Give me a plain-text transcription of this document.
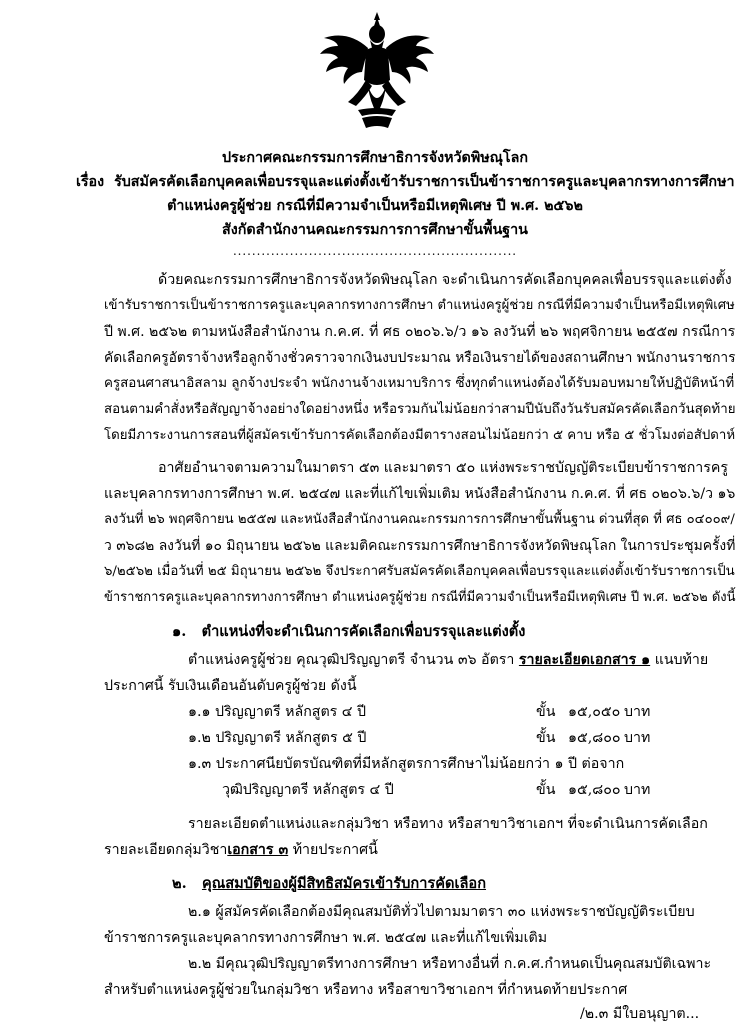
ประกาศคณะกรรมการศึกษาธิการจังหวัดพิษณุโลก
เรื่อง รับสมัครคัดเลือกบุคคลเพื่อบรรจุและแต่งตั้งเข้ารับราชการเป็นข้าราชการครูและบุคลากรทางการศึกษา
ตำแหน่งครูผู้ช่วย กรณีที่มีความจำเป็นหรือมีเหตุพิเศษ ปี พ.ศ. ๒๕๖๒
สังกัดสำนักงานคณะกรรมการการศึกษาขั้นพื้นฐาน
............................................................
ด้วยคณะกรรมการศึกษาธิการจังหวัดพิษณุโลก จะดำเนินการคัดเลือกบุคคลเพื่อบรรจุและแต่งตั้ง
เข้ารับราชการเป็นข้าราชการครูและบุคลากรทางการศึกษา ตำแหน่งครูผู้ช่วย กรณีที่มีความจำเป็นหรือมีเหตุพิเศษ
ปี พ.ศ. ๒๕๖๒ ตามหนังสือสำนักงาน ก.ค.ศ. ที่ ศธ ๐๒๐๖.๖/ว ๑๖ ลงวันที่ ๒๖ พฤศจิกายน ๒๕๕๗ กรณีการ
คัดเลือกครูอัตราจ้างหรือลูกจ้างชั่วคราวจากเงินงบประมาณ หรือเงินรายได้ของสถานศึกษา พนักงานราชการ
ครูสอนศาสนาอิสลาม ลูกจ้างประจำ พนักงานจ้างเหมาบริการ ซึ่งทุกตำแหน่งต้องได้รับมอบหมายให้ปฏิบัติหน้าที่
สอนตามคำสั่งหรือสัญญาจ้างอย่างใดอย่างหนึ่ง หรือรวมกันไม่น้อยกว่าสามปีนับถึงวันรับสมัครคัดเลือกวันสุดท้าย
โดยมีภาระงานการสอนที่ผู้สมัครเข้ารับการคัดเลือกต้องมีตารางสอนไม่น้อยกว่า ๕ คาบ หรือ ๕ ชั่วโมงต่อสัปดาห์
อาศัยอำนาจตามความในมาตรา ๕๓ และมาตรา ๕๐ แห่งพระราชบัญญัติระเบียบข้าราชการครู
และบุคลากรทางการศึกษา พ.ศ. ๒๕๔๗ และที่แก้ไขเพิ่มเติม หนังสือสำนักงาน ก.ค.ศ. ที่ ศธ ๐๒๐๖.๖/ว ๑๖
ลงวันที่ ๒๖ พฤศจิกายน ๒๕๕๗ และหนังสือสำนักงานคณะกรรมการการศึกษาขั้นพื้นฐาน ด่วนที่สุด ที่ ศธ ๐๔๐๐๙/
ว ๓๖๘๒ ลงวันที่ ๑๐ มิถุนายน ๒๕๖๒ และมติคณะกรรมการศึกษาธิการจังหวัดพิษณุโลก ในการประชุมครั้งที่
๖/๒๕๖๒ เมื่อวันที่ ๒๕ มิถุนายน ๒๕๖๒ จึงประกาศรับสมัครคัดเลือกบุคคลเพื่อบรรจุและแต่งตั้งเข้ารับราชการเป็น
ข้าราชการครูและบุคลากรทางการศึกษา ตำแหน่งครูผู้ช่วย กรณีที่มีความจำเป็นหรือมีเหตุพิเศษ ปี พ.ศ. ๒๕๖๒ ดังนี้
๑. ตำแหน่งที่จะดำเนินการคัดเลือกเพื่อบรรจุและแต่งตั้ง
ตำแหน่งครูผู้ช่วย คุณวุฒิปริญญาตรี จำนวน ๓๖ อัตรา รายละเอียดเอกสาร ๑ แนบท้าย
ประกาศนี้ รับเงินเดือนอันดับครูผู้ช่วย ดังนี้
๑.๑ ปริญญาตรี หลักสูตร ๔ ปี	ขั้น ๑๕,๐๕๐ บาท
๑.๒ ปริญญาตรี หลักสูตร ๕ ปี	ขั้น ๑๕,๘๐๐ บาท
๑.๓ ประกาศนียบัตรบัณฑิตที่มีหลักสูตรการศึกษาไม่น้อยกว่า ๑ ปี ต่อจาก
วุฒิปริญญาตรี หลักสูตร ๔ ปี	ขั้น ๑๕,๘๐๐ บาท
รายละเอียดตำแหน่งและกลุ่มวิชา หรือทาง หรือสาขาวิชาเอกฯ ที่จะดำเนินการคัดเลือก
รายละเอียดกลุ่มวิชาเอกสาร ๓ ท้ายประกาศนี้
๒. คุณสมบัติของผู้มีสิทธิสมัครเข้ารับการคัดเลือก
๒.๑ ผู้สมัครคัดเลือกต้องมีคุณสมบัติทั่วไปตามมาตรา ๓๐ แห่งพระราชบัญญัติระเบียบ
ข้าราชการครูและบุคลากรทางการศึกษา พ.ศ. ๒๕๔๗ และที่แก้ไขเพิ่มเติม
๒.๒ มีคุณวุฒิปริญญาตรีทางการศึกษา หรือทางอื่นที่ ก.ค.ศ.กำหนดเป็นคุณสมบัติเฉพาะ
สำหรับตำแหน่งครูผู้ช่วยในกลุ่มวิชา หรือทาง หรือสาขาวิชาเอกฯ ที่กำหนดท้ายประกาศ
/๒.๓ มีใบอนุญาต...
